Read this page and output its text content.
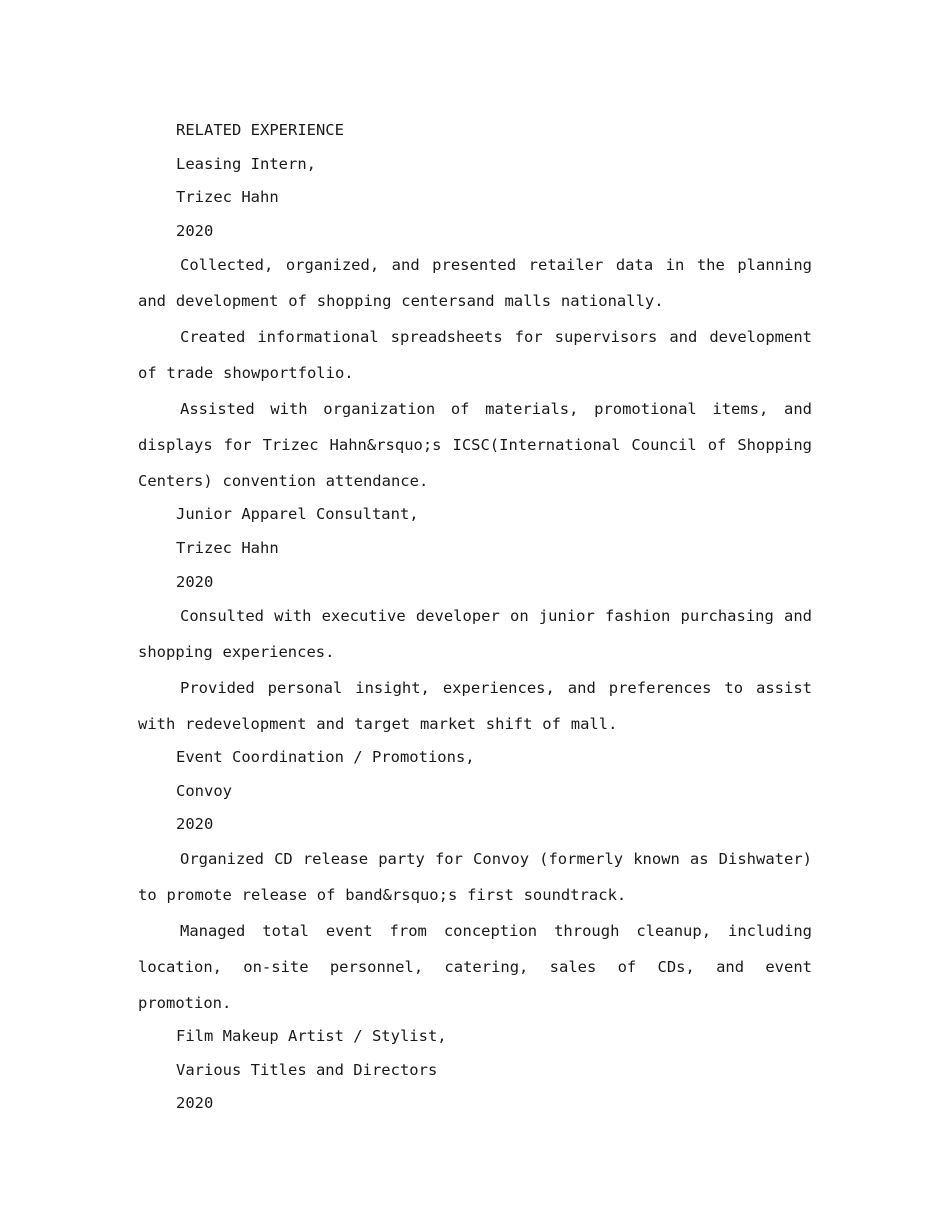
RELATED EXPERIENCE

Leasing Intern,

Trizec Hahn

2020

Collected, organized, and presented retailer data in the planning and development of shopping centersand malls nationally.

Created informational spreadsheets for supervisors and development of trade showportfolio.

Assisted with organization of materials, promotional items, and displays for Trizec Hahn&rsquo;s ICSC(International Council of Shopping Centers) convention attendance.

Junior Apparel Consultant,

Trizec Hahn

2020

Consulted with executive developer on junior fashion purchasing and shopping experiences.

Provided personal insight, experiences, and preferences to assist with redevelopment and target market shift of mall.

Event Coordination / Promotions,

Convoy

2020

Organized CD release party for Convoy (formerly known as Dishwater) to promote release of band&rsquo;s first soundtrack.

Managed total event from conception through cleanup, including location, on-site personnel, catering, sales of CDs, and event promotion.

Film Makeup Artist / Stylist,

Various Titles and Directors

2020
